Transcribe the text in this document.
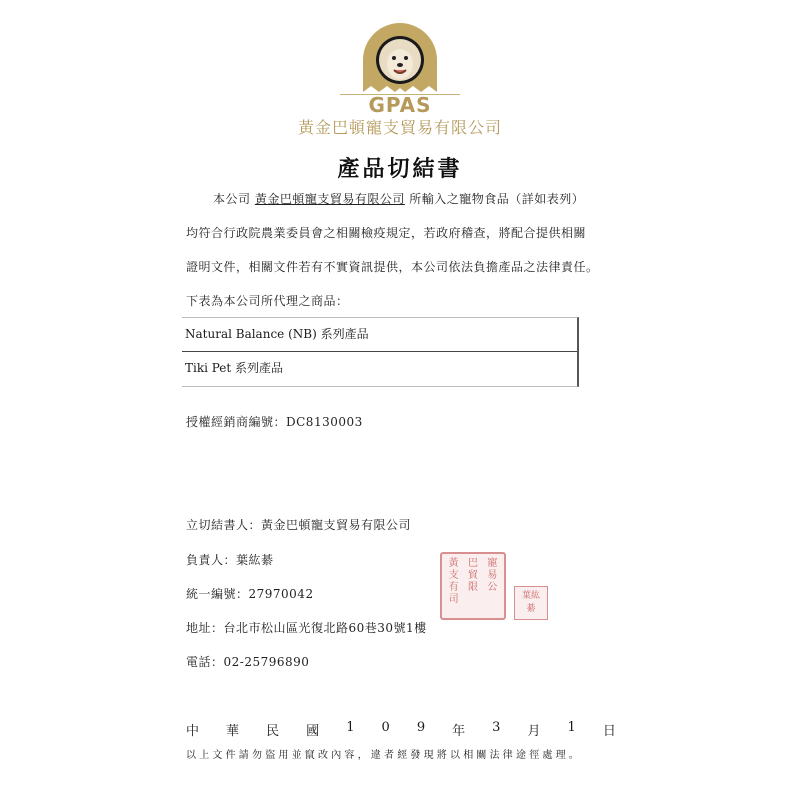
GPAS
黃金巴頓寵支貿易有限公司
產品切結書
本公司 黃金巴頓寵支貿易有限公司 所輸入之寵物食品（詳如表列）
均符合行政院農業委員會之相關檢疫規定，若政府稽查，將配合提供相關
證明文件，相關文件若有不實資訊提供，本公司依法負擔產品之法律責任。
下表為本公司所代理之商品：
Natural Balance (NB) 系列產品
Tiki Pet 系列產品
授權經銷商編號：DC8130003
立切結書人：黃金巴頓寵支貿易有限公司
負責人：葉紘綦
統一編號：27970042
地址：台北市松山區光復北路60巷30號1樓
電話：02-25796890
黃 巴 寵
支 貿 易
有 限 公
司	葉紘綦
中 華 民 國 1 0 9 年 3 月 1 日
以上文件請勿盜用並竄改內容，違者經發現將以相關法律途徑處理。
